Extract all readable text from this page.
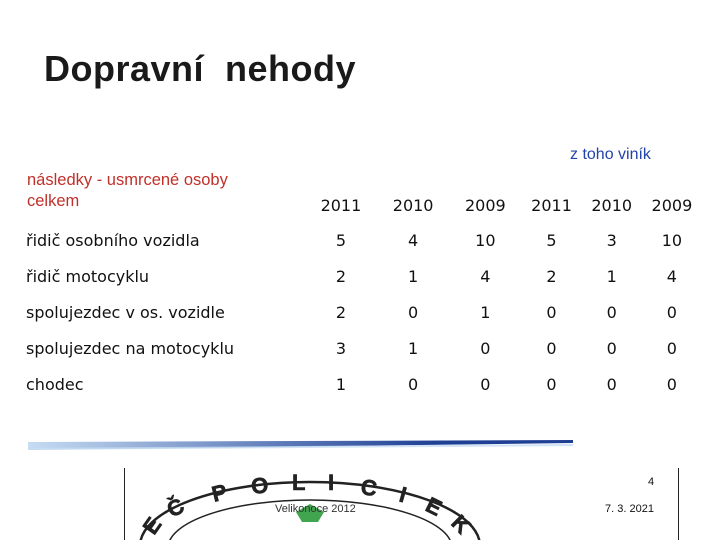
Dopravní  nehody
z toho viník
následky - usmrcené osoby
celkem
		2011	2010	2009	2011	2010	2009
řidič osobního vozidla	5	4	10	5	3	10
řidič motocyklu	2	1	4	2	1	4
spolujezdec v os. vozidle	2	0	1	0	0	0
spolujezdec na motocyklu	3	1	0	0	0	0
chodec	1	0	0	0	0	0
4
Č
E
P O L I C I E
K
Velikonoce 2012	7. 3. 2021
